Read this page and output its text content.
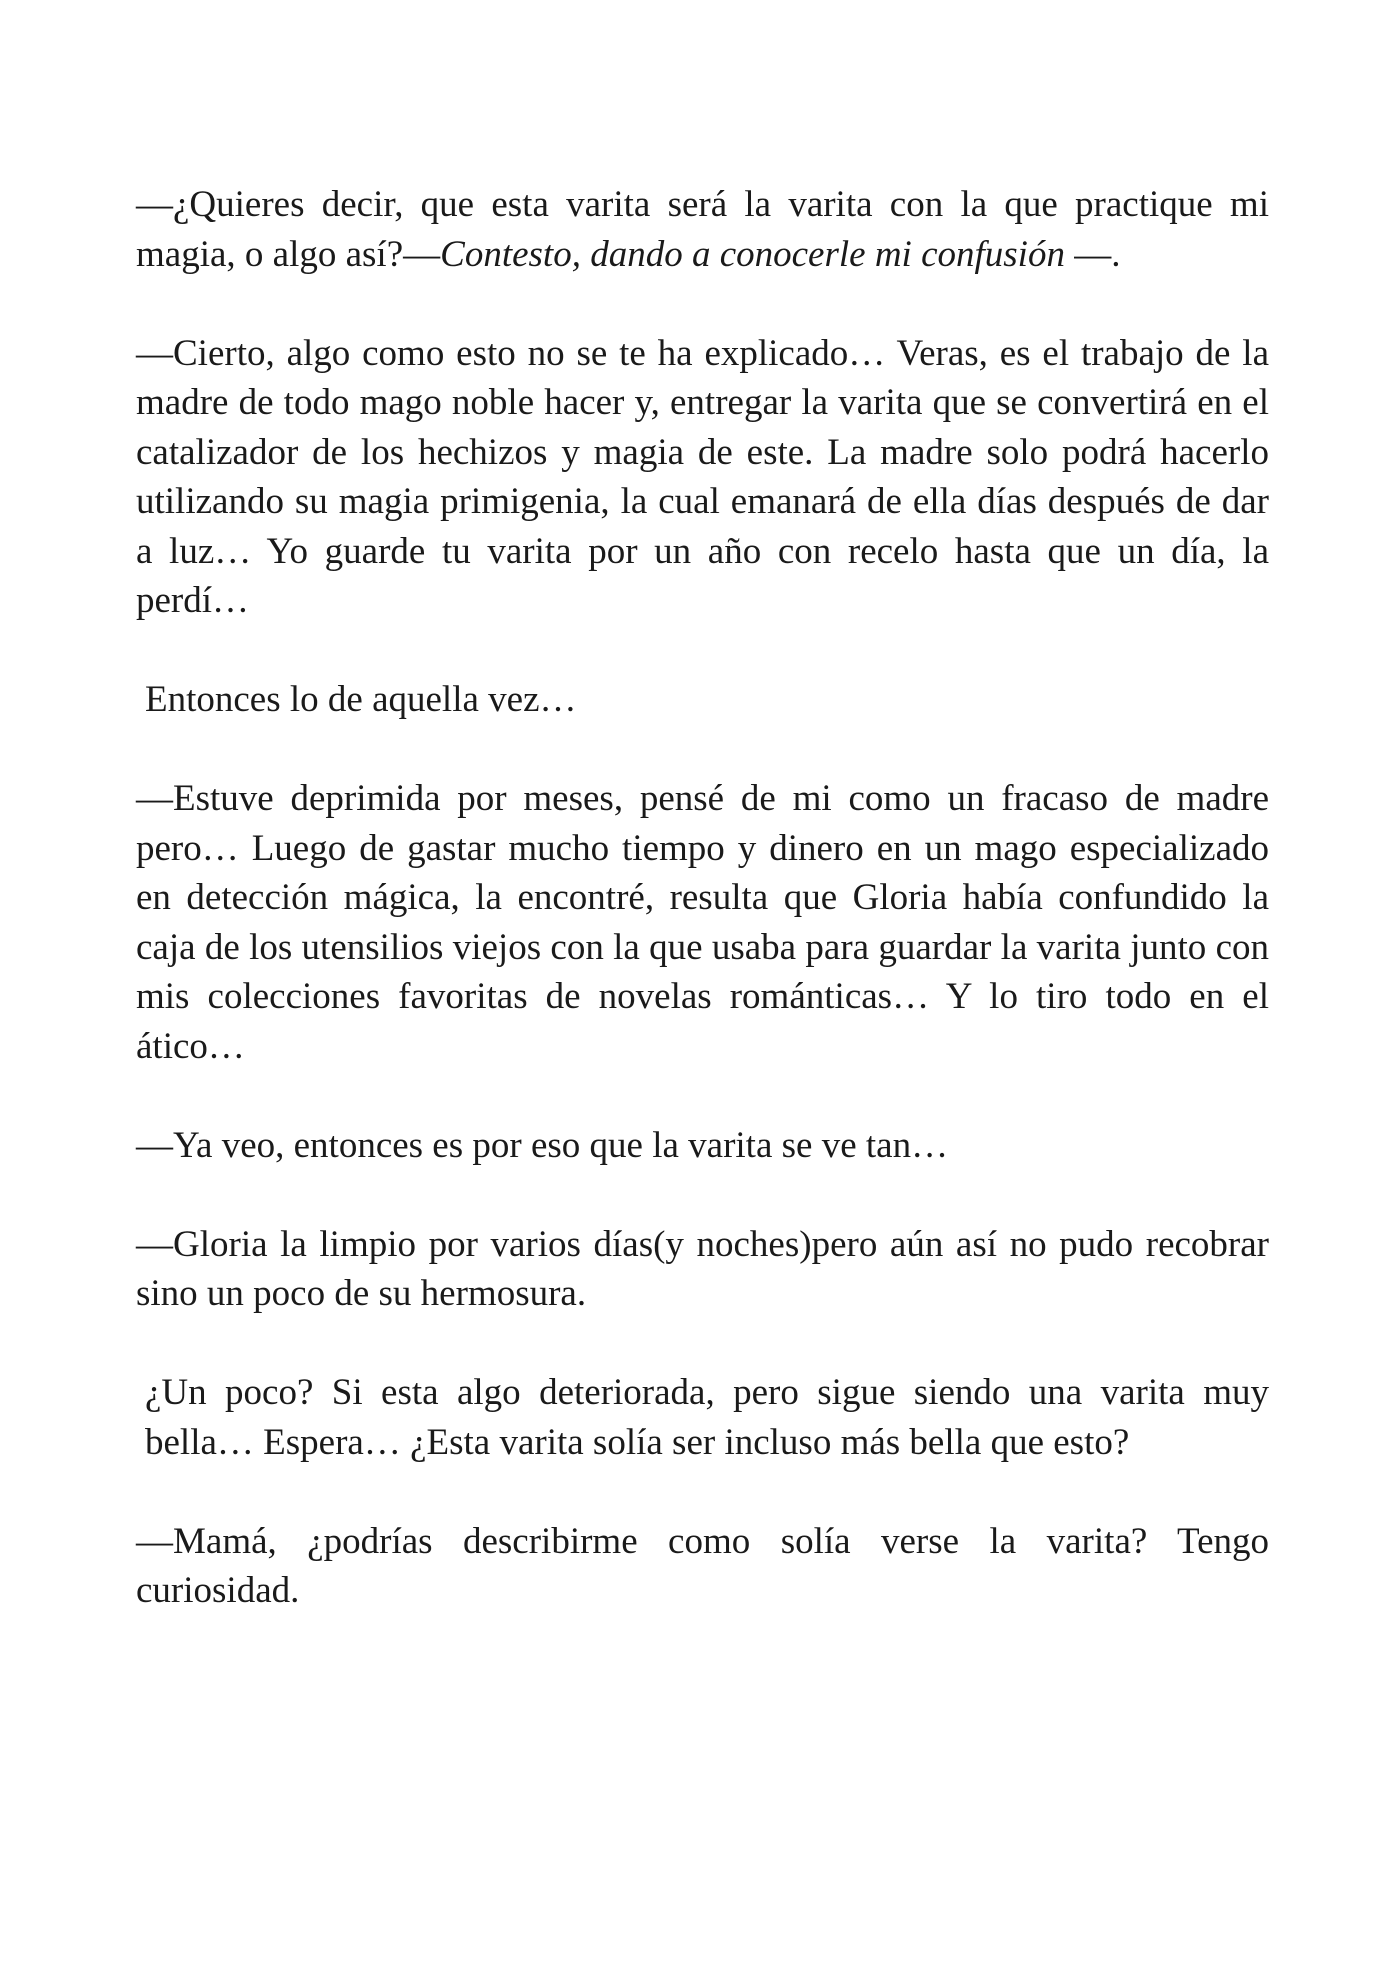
—¿Quieres decir, que esta varita será la varita con la que practique mi magia, o algo así?—Contesto, dando a conocerle mi confusión —.

—Cierto, algo como esto no se te ha explicado… Veras, es el trabajo de la madre de todo mago noble hacer y, entregar la varita que se convertirá en el catalizador de los hechizos y magia de este. La madre solo podrá hacerlo utilizando su magia primigenia, la cual emanará de ella días después de dar a luz… Yo guarde tu varita por un año con recelo hasta que un día, la perdí…

Entonces lo de aquella vez…

—Estuve deprimida por meses, pensé de mi como un fracaso de madre pero… Luego de gastar mucho tiempo y dinero en un mago especializado en detección mágica, la encontré, resulta que Gloria había confundido la caja de los utensilios viejos con la que usaba para guardar la varita junto con mis colecciones favoritas de novelas románticas… Y lo tiro todo en el ático…

—Ya veo, entonces es por eso que la varita se ve tan…

—Gloria la limpio por varios días(y noches)pero aún así no pudo recobrar sino un poco de su hermosura.

¿Un poco? Si esta algo deteriorada, pero sigue siendo una varita muy bella… Espera… ¿Esta varita solía ser incluso más bella que esto?

—Mamá, ¿podrías describirme como solía verse la varita? Tengo curiosidad.
